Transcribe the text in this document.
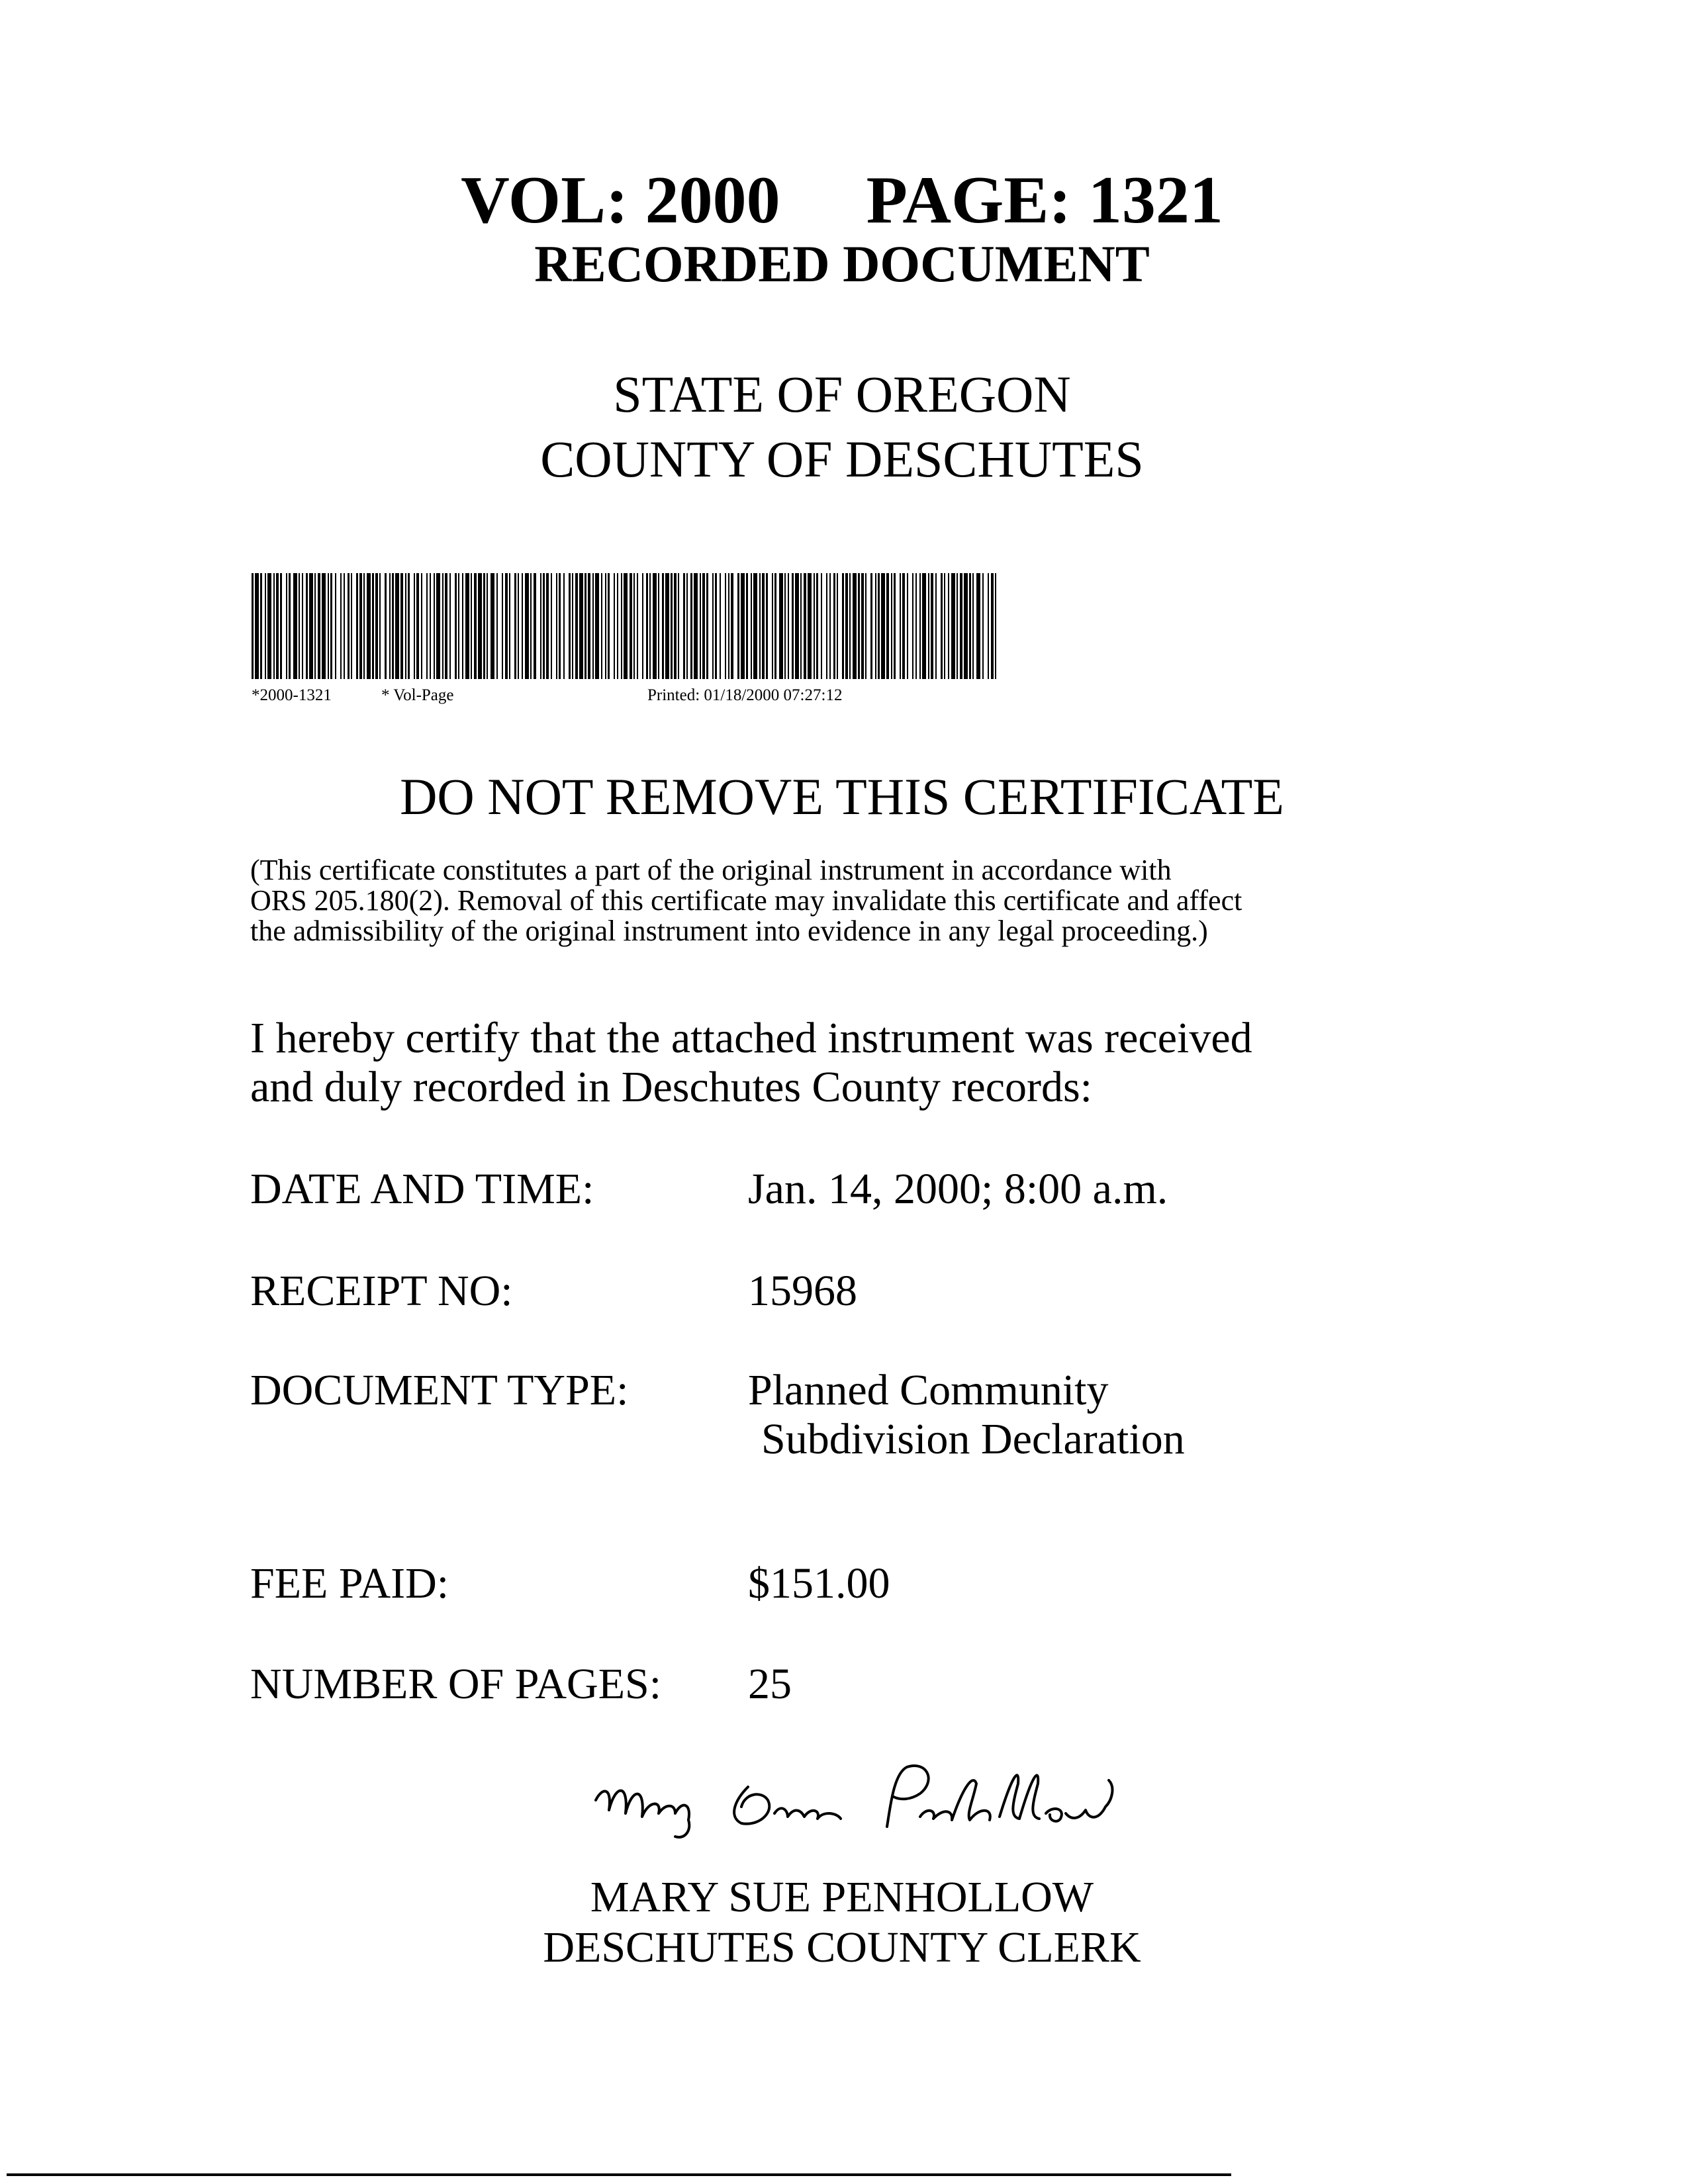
VOL: 2000 PAGE: 1321
RECORDED DOCUMENT
STATE OF OREGON
COUNTY OF DESCHUTES
*2000-1321	* Vol-Page	Printed: 01/18/2000 07:27:12
DO NOT REMOVE THIS CERTIFICATE
(This certificate constitutes a part of the original instrument in accordance with
ORS 205.180(2). Removal of this certificate may invalidate this certificate and affect
the admissibility of the original instrument into evidence in any legal proceeding.)
I hereby certify that the attached instrument was received
and duly recorded in Deschutes County records:
DATE AND TIME:	Jan. 14, 2000; 8:00 a.m.
RECEIPT NO:	15968
DOCUMENT TYPE:	Planned Community
Subdivision Declaration
FEE PAID:	$151.00
NUMBER OF PAGES: 25
MARY SUE PENHOLLOW
DESCHUTES COUNTY CLERK
